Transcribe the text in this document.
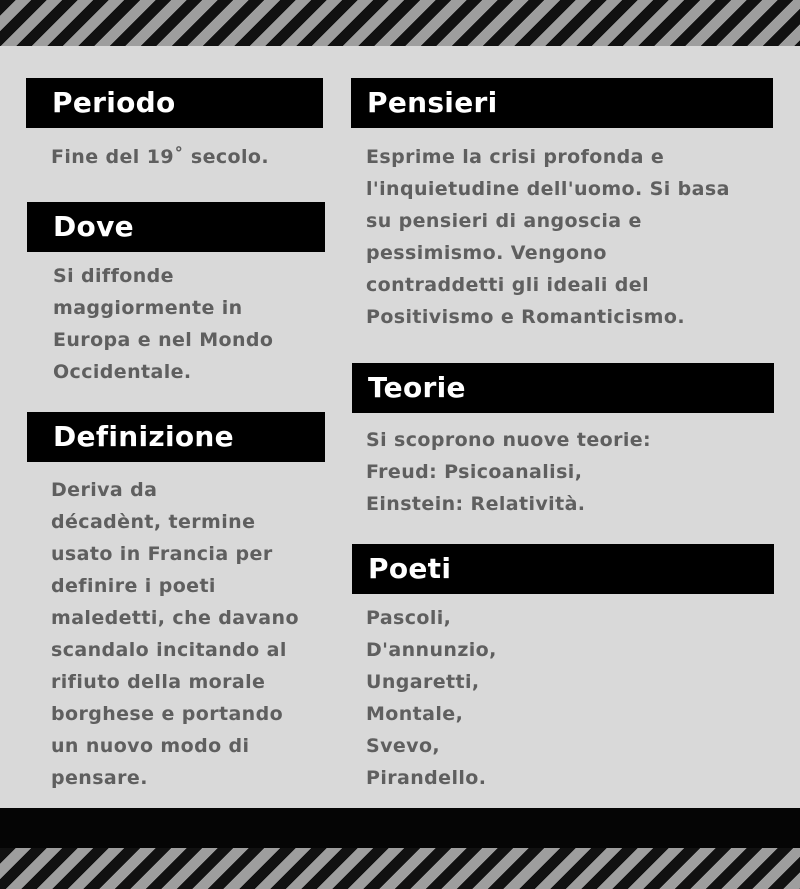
Periodo

Fine del 19˚ secolo.

Dove

Si diffonde
maggiormente in
Europa e nel Mondo
Occidentale.

Definizione

Deriva da
décadènt, termine
usato in Francia per
definire i poeti
maledetti, che davano
scandalo incitando al
rifiuto della morale
borghese e portando
un nuovo modo di
pensare.

Pensieri

Esprime la crisi profonda e
l'inquietudine dell'uomo. Si basa
su pensieri di angoscia e
pessimismo. Vengono
contraddetti gli ideali del
Positivismo e Romanticismo.

Teorie

Si scoprono nuove teorie:
Freud: Psicoanalisi,
Einstein: Relatività.

Poeti

Pascoli,
D'annunzio,
Ungaretti,
Montale,
Svevo,
Pirandello.
